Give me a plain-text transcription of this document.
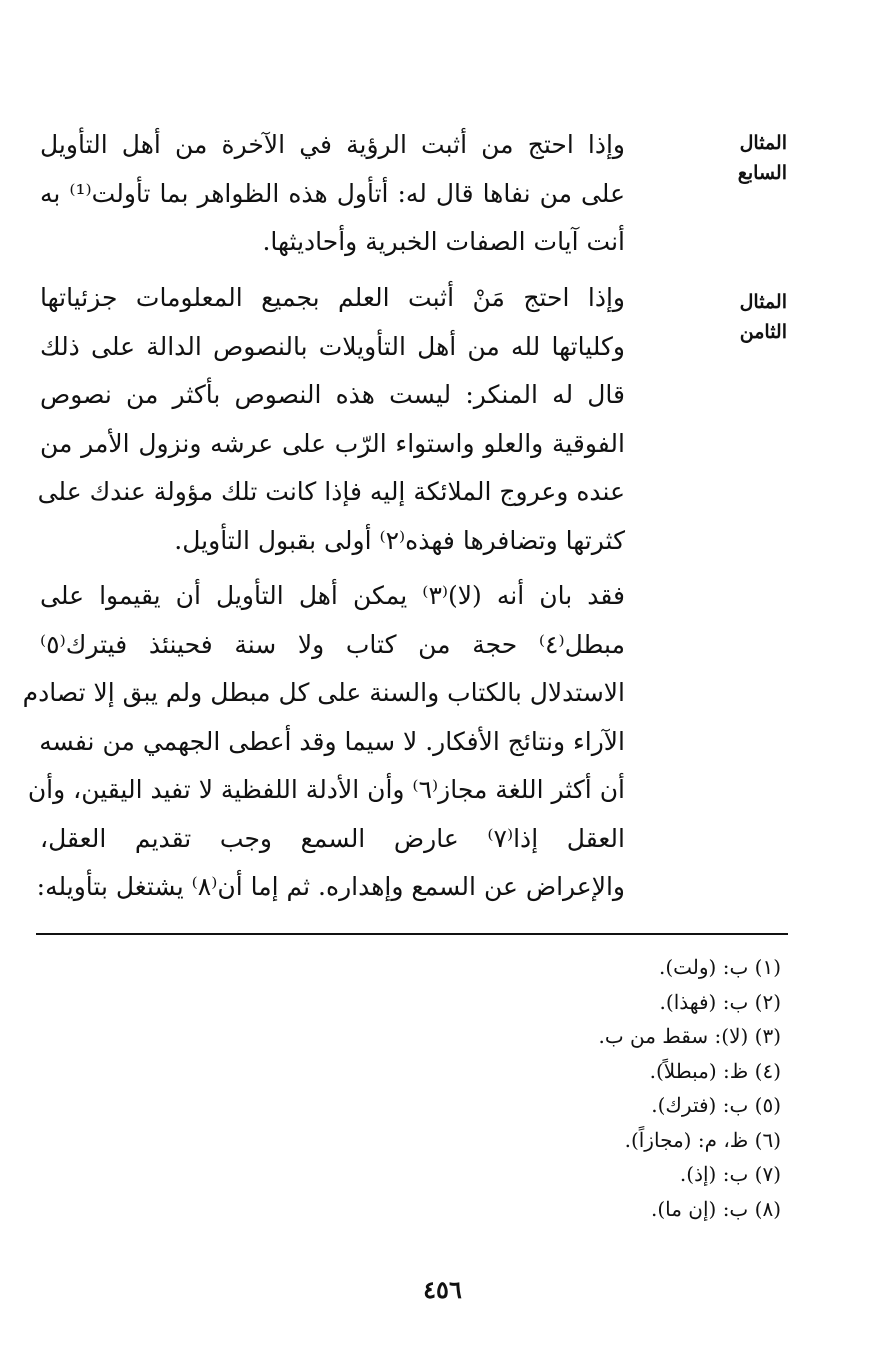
المثال السابع
وإذا احتج من أثبت الرؤية في الآخرة من أهل التأويل
على من نفاها قال له: أتأول هذه الظواهر بما تأولت⁽¹⁾ به
أنت آيات الصفات الخبرية وأحاديثها.
المثال الثامن
وإذا احتج مَنْ أثبت العلم بجميع المعلومات جزئياتها
وكلياتها لله من أهل التأويلات بالنصوص الدالة على ذلك
قال له المنكر: ليست هذه النصوص بأكثر من نصوص
الفوقية والعلو واستواء الرّب على عرشه ونزول الأمر من
عنده وعروج الملائكة إليه فإذا كانت تلك مؤولة عندك على
كثرتها وتضافرها فهذه⁽٢⁾ أولى بقبول التأويل.
فقد بان أنه (لا)⁽٣⁾ يمكن أهل التأويل أن يقيموا على
مبطل⁽٤⁾ حجة من كتاب ولا سنة فحينئذ فيترك⁽٥⁾
الاستدلال بالكتاب والسنة على كل مبطل ولم يبق إلا تصادم
الآراء ونتائج الأفكار. لا سيما وقد أعطى الجهمي من نفسه
أن أكثر اللغة مجاز⁽٦⁾ وأن الأدلة اللفظية لا تفيد اليقين، وأن
العقل إذا⁽٧⁾ عارض السمع وجب تقديم العقل،
والإعراض عن السمع وإهداره. ثم إما أن⁽٨⁾ يشتغل بتأويله:
(١) ب: (ولت).
(٢) ب: (فهذا).
(٣) (لا): سقط من ب.
(٤) ظ: (مبطلاً).
(٥) ب: (فترك).
(٦) ظ، م: (مجازاً).
(٧) ب: (إذ).
(٨) ب: (إن ما).
٤٥٦
